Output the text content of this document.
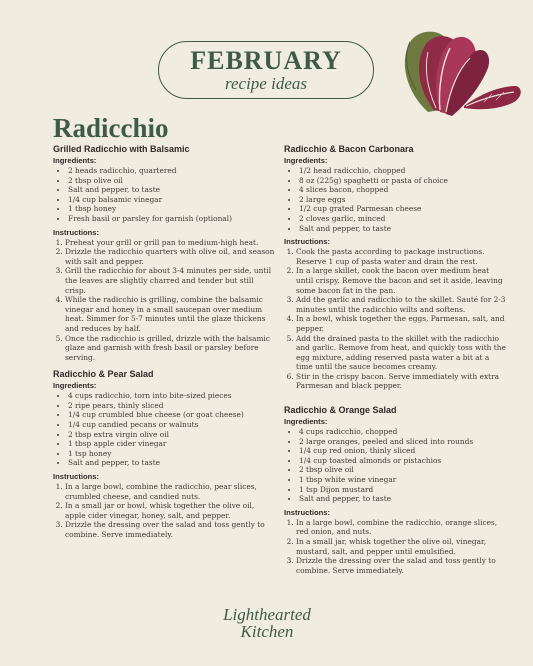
FEBRUARY
recipe ideas
Radicchio
Grilled Radicchio with Balsamic
Ingredients:
• 2 heads radicchio, quartered
• 2 tbsp olive oil
• Salt and pepper, to taste
• 1/4 cup balsamic vinegar
• 1 tbsp honey
• Fresh basil or parsley for garnish (optional)
Instructions:
1. Preheat your grill or grill pan to medium-high heat.
2. Drizzle the radicchio quarters with olive oil, and season with salt and pepper.
3. Grill the radicchio for about 3-4 minutes per side, until the leaves are slightly charred and tender but still crisp.
4. While the radicchio is grilling, combine the balsamic vinegar and honey in a small saucepan over medium heat. Simmer for 5-7 minutes until the glaze thickens and reduces by half.
5. Once the radicchio is grilled, drizzle with the balsamic glaze and garnish with fresh basil or parsley before serving.
Radicchio & Pear Salad
Ingredients:
• 4 cups radicchio, torn into bite-sized pieces
• 2 ripe pears, thinly sliced
• 1/4 cup crumbled blue cheese (or goat cheese)
• 1/4 cup candied pecans or walnuts
• 2 tbsp extra virgin olive oil
• 1 tbsp apple cider vinegar
• 1 tsp honey
• Salt and pepper, to taste
Instructions:
1. In a large bowl, combine the radicchio, pear slices, crumbled cheese, and candied nuts.
2. In a small jar or bowl, whisk together the olive oil, apple cider vinegar, honey, salt, and pepper.
3. Drizzle the dressing over the salad and toss gently to combine. Serve immediately.
Radicchio & Bacon Carbonara
Ingredients:
• 1/2 head radicchio, chopped
• 8 oz (225g) spaghetti or pasta of choice
• 4 slices bacon, chopped
• 2 large eggs
• 1/2 cup grated Parmesan cheese
• 2 cloves garlic, minced
• Salt and pepper, to taste
Instructions:
1. Cook the pasta according to package instructions. Reserve 1 cup of pasta water and drain the rest.
2. In a large skillet, cook the bacon over medium heat until crispy. Remove the bacon and set it aside, leaving some bacon fat in the pan.
3. Add the garlic and radicchio to the skillet. Sauté for 2-3 minutes until the radicchio wilts and softens.
4. In a bowl, whisk together the eggs, Parmesan, salt, and pepper.
5. Add the drained pasta to the skillet with the radicchio and garlic. Remove from heat, and quickly toss with the egg mixture, adding reserved pasta water a bit at a time until the sauce becomes creamy.
6. Stir in the crispy bacon. Serve immediately with extra Parmesan and black pepper.
Radicchio & Orange Salad
Ingredients:
• 4 cups radicchio, chopped
• 2 large oranges, peeled and sliced into rounds
• 1/4 cup red onion, thinly sliced
• 1/4 cup toasted almonds or pistachios
• 2 tbsp olive oil
• 1 tbsp white wine vinegar
• 1 tsp Dijon mustard
• Salt and pepper, to taste
Instructions:
1. In a large bowl, combine the radicchio, orange slices, red onion, and nuts.
2. In a small jar, whisk together the olive oil, vinegar, mustard, salt, and pepper until emulsified.
3. Drizzle the dressing over the salad and toss gently to combine. Serve immediately.
Lighthearted
Kitchen
